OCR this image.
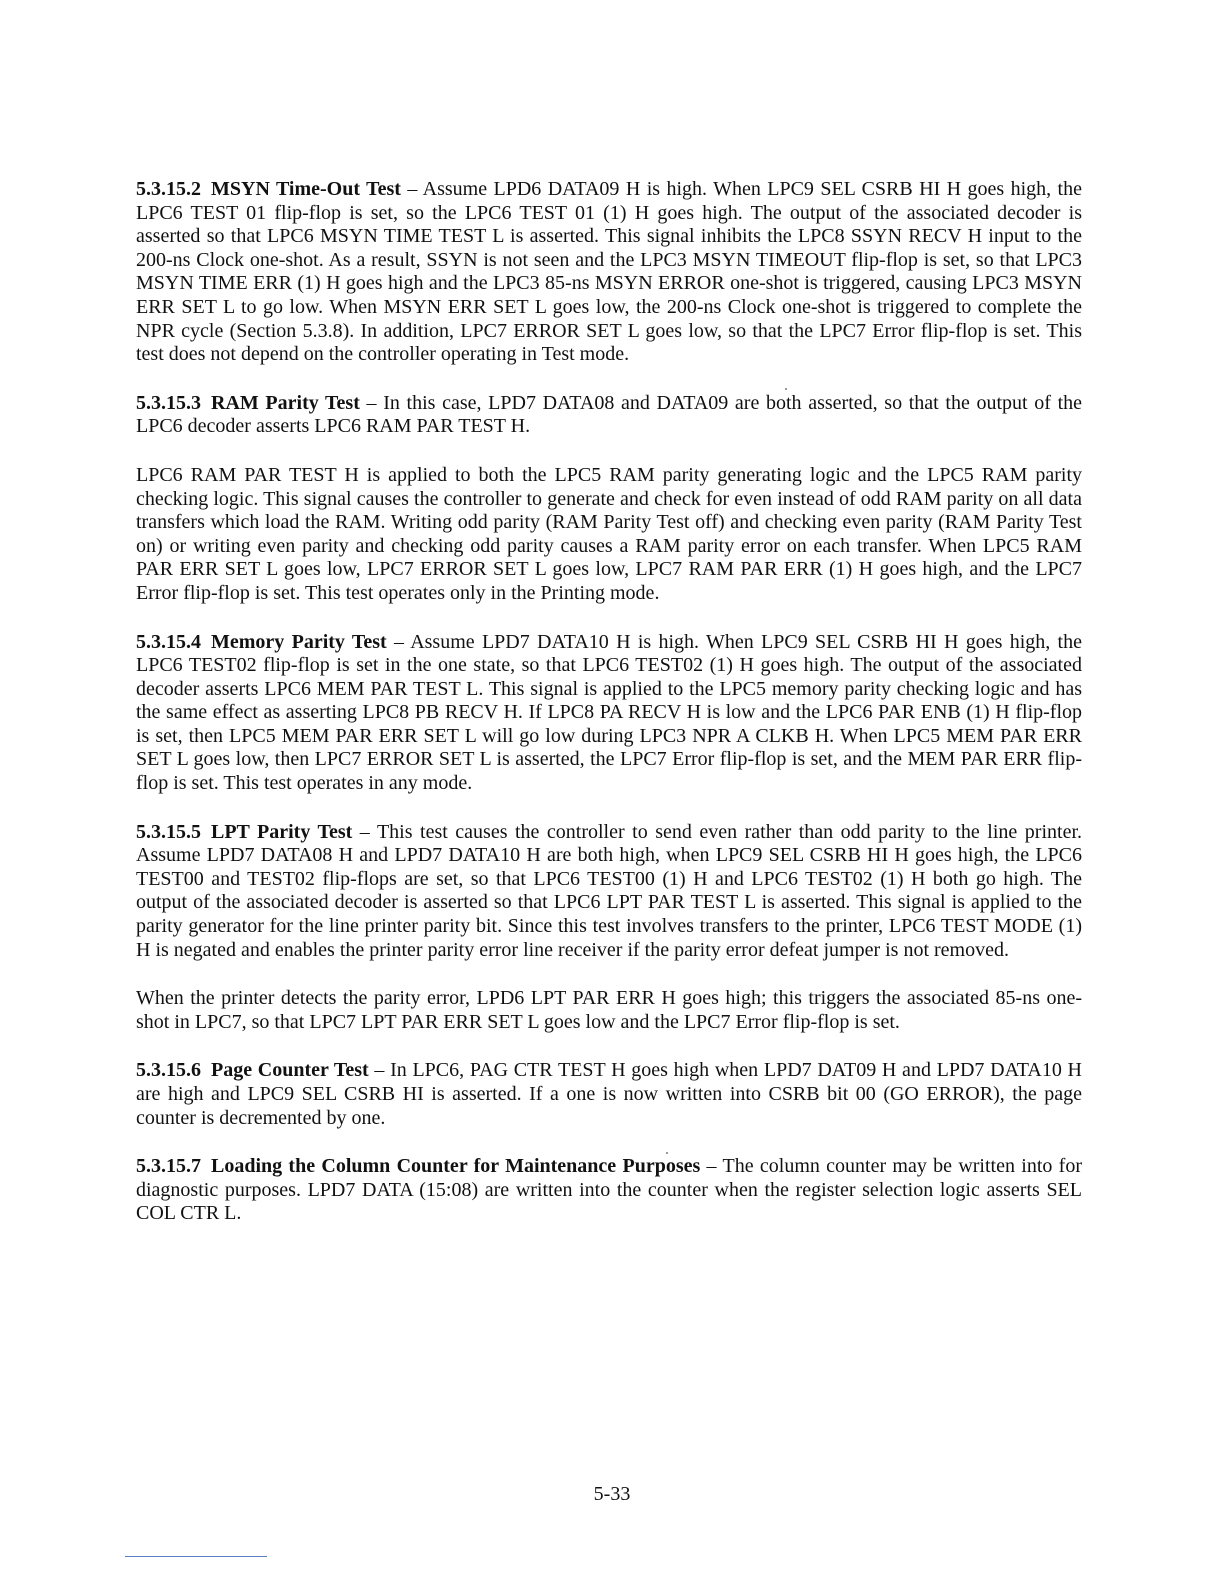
5.3.15.2 MSYN Time-Out Test – Assume LPD6 DATA09 H is high. When LPC9 SEL CSRB HI H goes high, the LPC6 TEST 01 flip-flop is set, so the LPC6 TEST 01 (1) H goes high. The output of the associated decoder is asserted so that LPC6 MSYN TIME TEST L is asserted. This signal inhibits the LPC8 SSYN RECV H input to the 200-ns Clock one-shot. As a result, SSYN is not seen and the LPC3 MSYN TIMEOUT flip-flop is set, so that LPC3 MSYN TIME ERR (1) H goes high and the LPC3 85-ns MSYN ERROR one-shot is triggered, causing LPC3 MSYN ERR SET L to go low. When MSYN ERR SET L goes low, the 200-ns Clock one-shot is triggered to complete the NPR cycle (Section 5.3.8). In addition, LPC7 ERROR SET L goes low, so that the LPC7 Error flip-flop is set. This test does not depend on the controller operating in Test mode.

5.3.15.3 RAM Parity Test – In this case, LPD7 DATA08 and DATA09 are both asserted, so that the output of the LPC6 decoder asserts LPC6 RAM PAR TEST H.

LPC6 RAM PAR TEST H is applied to both the LPC5 RAM parity generating logic and the LPC5 RAM parity checking logic. This signal causes the controller to generate and check for even instead of odd RAM parity on all data transfers which load the RAM. Writing odd parity (RAM Parity Test off) and checking even parity (RAM Parity Test on) or writing even parity and checking odd parity causes a RAM parity error on each transfer. When LPC5 RAM PAR ERR SET L goes low, LPC7 ERROR SET L goes low, LPC7 RAM PAR ERR (1) H goes high, and the LPC7 Error flip-flop is set. This test operates only in the Printing mode.

5.3.15.4 Memory Parity Test – Assume LPD7 DATA10 H is high. When LPC9 SEL CSRB HI H goes high, the LPC6 TEST02 flip-flop is set in the one state, so that LPC6 TEST02 (1) H goes high. The output of the associated decoder asserts LPC6 MEM PAR TEST L. This signal is applied to the LPC5 memory parity checking logic and has the same effect as asserting LPC8 PB RECV H. If LPC8 PA RECV H is low and the LPC6 PAR ENB (1) H flip-flop is set, then LPC5 MEM PAR ERR SET L will go low during LPC3 NPR A CLKB H. When LPC5 MEM PAR ERR SET L goes low, then LPC7 ERROR SET L is asserted, the LPC7 Error flip-flop is set, and the MEM PAR ERR flip-flop is set. This test operates in any mode.

5.3.15.5 LPT Parity Test – This test causes the controller to send even rather than odd parity to the line printer. Assume LPD7 DATA08 H and LPD7 DATA10 H are both high, when LPC9 SEL CSRB HI H goes high, the LPC6 TEST00 and TEST02 flip-flops are set, so that LPC6 TEST00 (1) H and LPC6 TEST02 (1) H both go high. The output of the associated decoder is asserted so that LPC6 LPT PAR TEST L is asserted. This signal is applied to the parity generator for the line printer parity bit. Since this test involves transfers to the printer, LPC6 TEST MODE (1) H is negated and enables the printer parity error line receiver if the parity error defeat jumper is not removed.

When the printer detects the parity error, LPD6 LPT PAR ERR H goes high; this triggers the associated 85-ns one-shot in LPC7, so that LPC7 LPT PAR ERR SET L goes low and the LPC7 Error flip-flop is set.

5.3.15.6 Page Counter Test – In LPC6, PAG CTR TEST H goes high when LPD7 DAT09 H and LPD7 DATA10 H are high and LPC9 SEL CSRB HI is asserted. If a one is now written into CSRB bit 00 (GO ERROR), the page counter is decremented by one.

5.3.15.7 Loading the Column Counter for Maintenance Purposes – The column counter may be written into for diagnostic purposes. LPD7 DATA (15:08) are written into the counter when the register selection logic asserts SEL COL CTR L.

5-33
